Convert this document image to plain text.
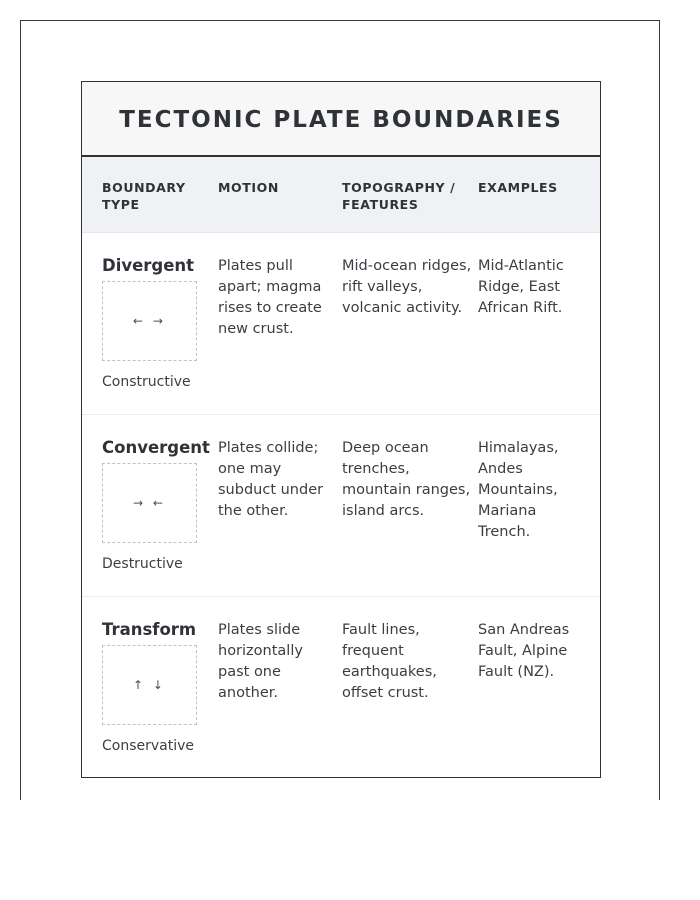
TECTONIC PLATE BOUNDARIES
BOUNDARY TYPE
MOTION	TOPOGRAPHY / FEATURES
EXAMPLES
Divergent
← →
Constructive
Plates pull apart; magma rises to create new crust.
Mid-ocean ridges, rift valleys, volcanic activity.
Mid-Atlantic Ridge, East African Rift.
Convergent
→ ←
Destructive
Plates collide; one may subduct under the other.
Deep ocean trenches, mountain ranges, island arcs.
Himalayas, Andes Mountains, Mariana Trench.
Transform
↑ ↓
Conservative
Plates slide horizontally past one another.
Fault lines, frequent earthquakes, offset crust.
San Andreas Fault, Alpine Fault (NZ).
